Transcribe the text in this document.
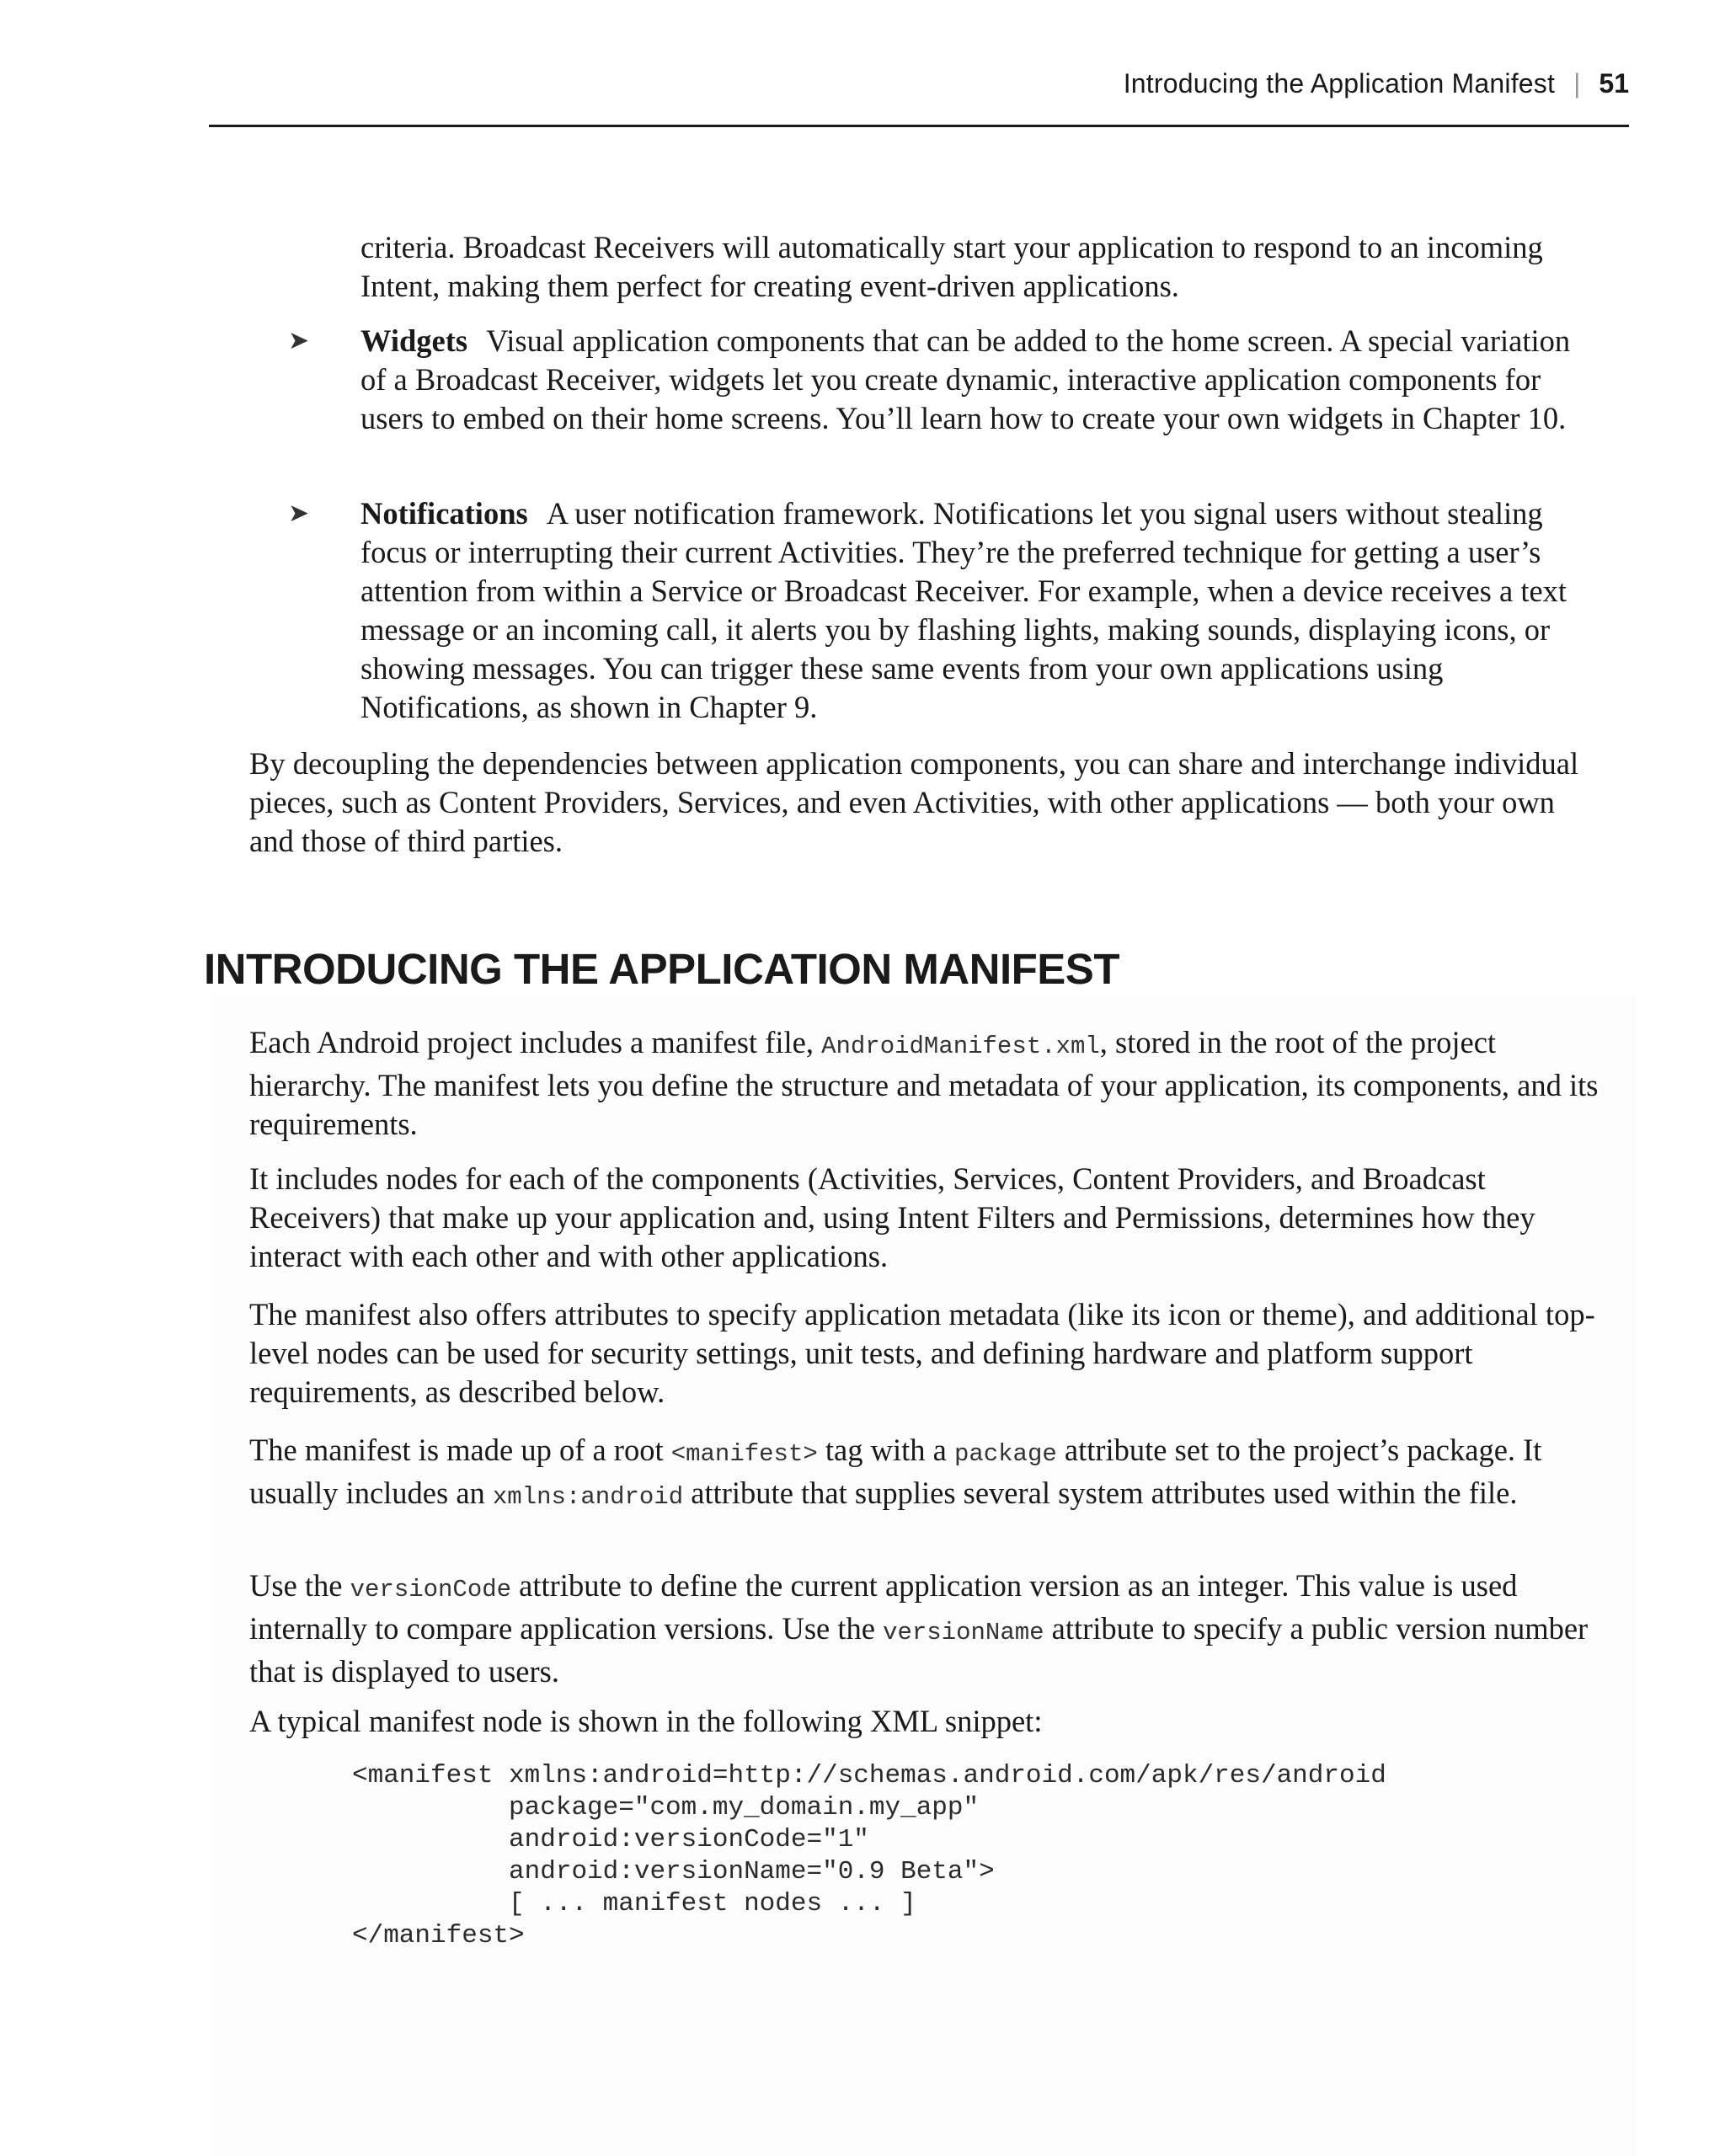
Introducing the Application Manifest | 51

criteria. Broadcast Receivers will automatically start your application to respond to an incoming Intent, making them perfect for creating event-driven applications.

➤ Widgets Visual application components that can be added to the home screen. A special variation of a Broadcast Receiver, widgets let you create dynamic, interactive application components for users to embed on their home screens. You’ll learn how to create your own widgets in Chapter 10.

➤ Notifications A user notification framework. Notifications let you signal users without stealing focus or interrupting their current Activities. They’re the preferred technique for getting a user’s attention from within a Service or Broadcast Receiver. For example, when a device receives a text message or an incoming call, it alerts you by flashing lights, making sounds, displaying icons, or showing messages. You can trigger these same events from your own applications using Notifications, as shown in Chapter 9.

By decoupling the dependencies between application components, you can share and interchange individual pieces, such as Content Providers, Services, and even Activities, with other applications — both your own and those of third parties.

INTRODUCING THE APPLICATION MANIFEST

Each Android project includes a manifest file, AndroidManifest.xml, stored in the root of the project hierarchy. The manifest lets you define the structure and metadata of your application, its components, and its requirements.

It includes nodes for each of the components (Activities, Services, Content Providers, and Broadcast Receivers) that make up your application and, using Intent Filters and Permissions, determines how they interact with each other and with other applications.

The manifest also offers attributes to specify application metadata (like its icon or theme), and additional top-level nodes can be used for security settings, unit tests, and defining hardware and platform support requirements, as described below.

The manifest is made up of a root <manifest> tag with a package attribute set to the project’s package. It usually includes an xmlns:android attribute that supplies several system attributes used within the file.

Use the versionCode attribute to define the current application version as an integer. This value is used internally to compare application versions. Use the versionName attribute to specify a public version number that is displayed to users.

A typical manifest node is shown in the following XML snippet:

<manifest xmlns:android=http://schemas.android.com/apk/res/android
package="com.my_domain.my_app"
android:versionCode="1"
android:versionName="0.9 Beta">
[ ... manifest nodes ... ]
</manifest>
